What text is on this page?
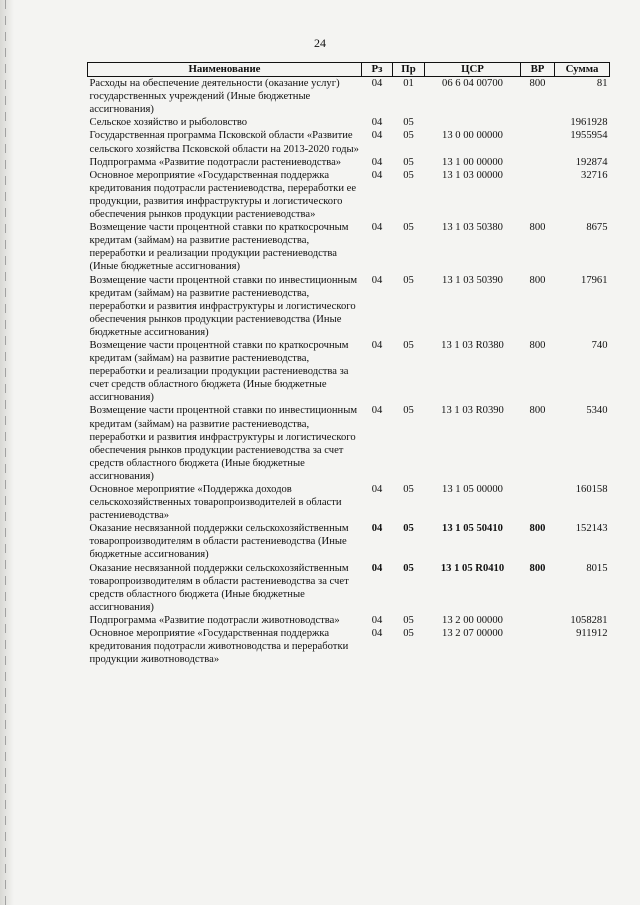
24
Наименование	Рз	Пр	ЦСР	ВР	Сумма
Расходы на обеспечение деятельности (оказание услуг) государственных учреждений (Иные бюджетные ассигнования)	04	01	06 6 04 00700	800	81
Сельское хозяйство и рыболовство	04	05			1961928
Государственная программа Псковской области «Развитие сельского хозяйства Псковской области на 2013-2020 годы»	04	05	13 0 00 00000		1955954
Подпрограмма «Развитие подотрасли растениеводства»	04	05	13 1 00 00000		192874
Основное мероприятие «Государственная поддержка кредитования подотрасли растениеводства, переработки ее продукции, развития инфраструктуры и логистического обеспечения рынков продукции растениеводства»	04	05	13 1 03 00000		32716
Возмещение части процентной ставки по краткосрочным кредитам (займам) на развитие растениеводства, переработки и реализации продукции растениеводства (Иные бюджетные ассигнования)	04	05	13 1 03 50380	800	8675
Возмещение части процентной ставки по инвестиционным кредитам (займам) на развитие растениеводства, переработки и развития инфраструктуры и логистического обеспечения рынков продукции растениеводства (Иные бюджетные ассигнования)	04	05	13 1 03 50390	800	17961
Возмещение части процентной ставки по краткосрочным кредитам (займам) на развитие растениеводства, переработки и реализации продукции растениеводства за счет средств областного бюджета (Иные бюджетные ассигнования)	04	05	13 1 03 R0380	800	740
Возмещение части процентной ставки по инвестиционным кредитам (займам) на развитие растениеводства, переработки и развития инфраструктуры и логистического обеспечения рынков продукции растениеводства за счет средств областного бюджета (Иные бюджетные ассигнования)	04	05	13 1 03 R0390	800	5340
Основное мероприятие «Поддержка доходов сельскохозяйственных товаропроизводителей в области растениеводства»	04	05	13 1 05 00000		160158
Оказание несвязанной поддержки сельскохозяйственным товаропроизводителям в области растениеводства (Иные бюджетные ассигнования)	04	05	13 1 05 50410	800	152143
Оказание несвязанной поддержки сельскохозяйственным товаропроизводителям в области растениеводства за счет средств областного бюджета (Иные бюджетные ассигнования)	04	05	13 1 05 R0410	800	8015
Подпрограмма «Развитие подотрасли животноводства»	04	05	13 2 00 00000		1058281
Основное мероприятие «Государственная поддержка кредитования подотрасли животноводства и переработки продукции животноводства»	04	05	13 2 07 00000		911912
